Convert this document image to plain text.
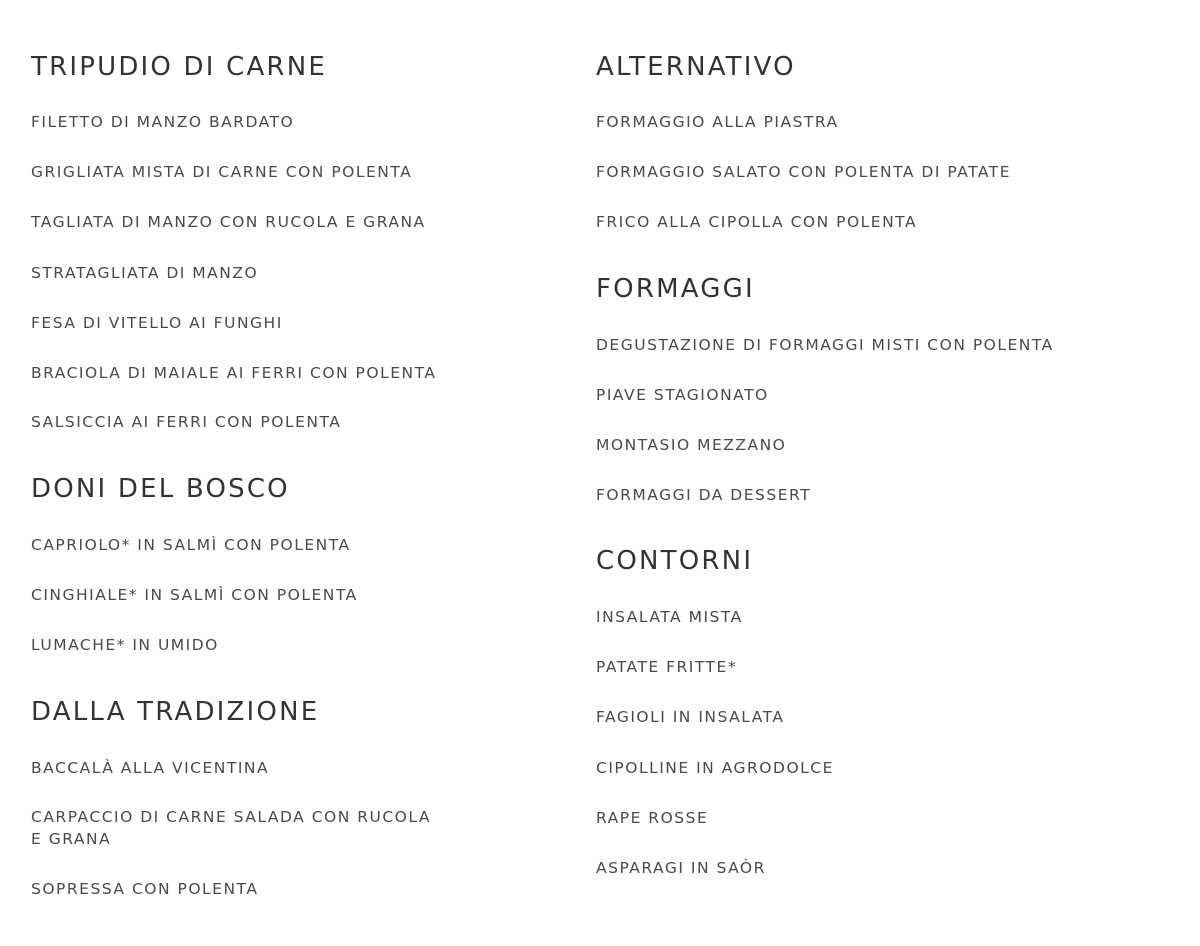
TRIPUDIO DI CARNE

FILETTO DI MANZO BARDATO

GRIGLIATA MISTA DI CARNE CON POLENTA

TAGLIATA DI MANZO CON RUCOLA E GRANA

STRATAGLIATA DI MANZO

FESA DI VITELLO AI FUNGHI

BRACIOLA DI MAIALE AI FERRI CON POLENTA

SALSICCIA AI FERRI CON POLENTA

DONI DEL BOSCO

CAPRIOLO* IN SALMÌ CON POLENTA

CINGHIALE* IN SALMÌ CON POLENTA

LUMACHE* IN UMIDO

DALLA TRADIZIONE

BACCALÀ ALLA VICENTINA

CARPACCIO DI CARNE SALADA CON RUCOLA E GRANA

SOPRESSA CON POLENTA

ALTERNATIVO

FORMAGGIO ALLA PIASTRA

FORMAGGIO SALATO CON POLENTA DI PATATE

FRICO ALLA CIPOLLA CON POLENTA

FORMAGGI

DEGUSTAZIONE DI FORMAGGI MISTI CON POLENTA

PIAVE STAGIONATO

MONTASIO MEZZANO

FORMAGGI DA DESSERT

CONTORNI

INSALATA MISTA

PATATE FRITTE*

FAGIOLI IN INSALATA

CIPOLLINE IN AGRODOLCE

RAPE ROSSE

ASPARAGI IN SAÒR
